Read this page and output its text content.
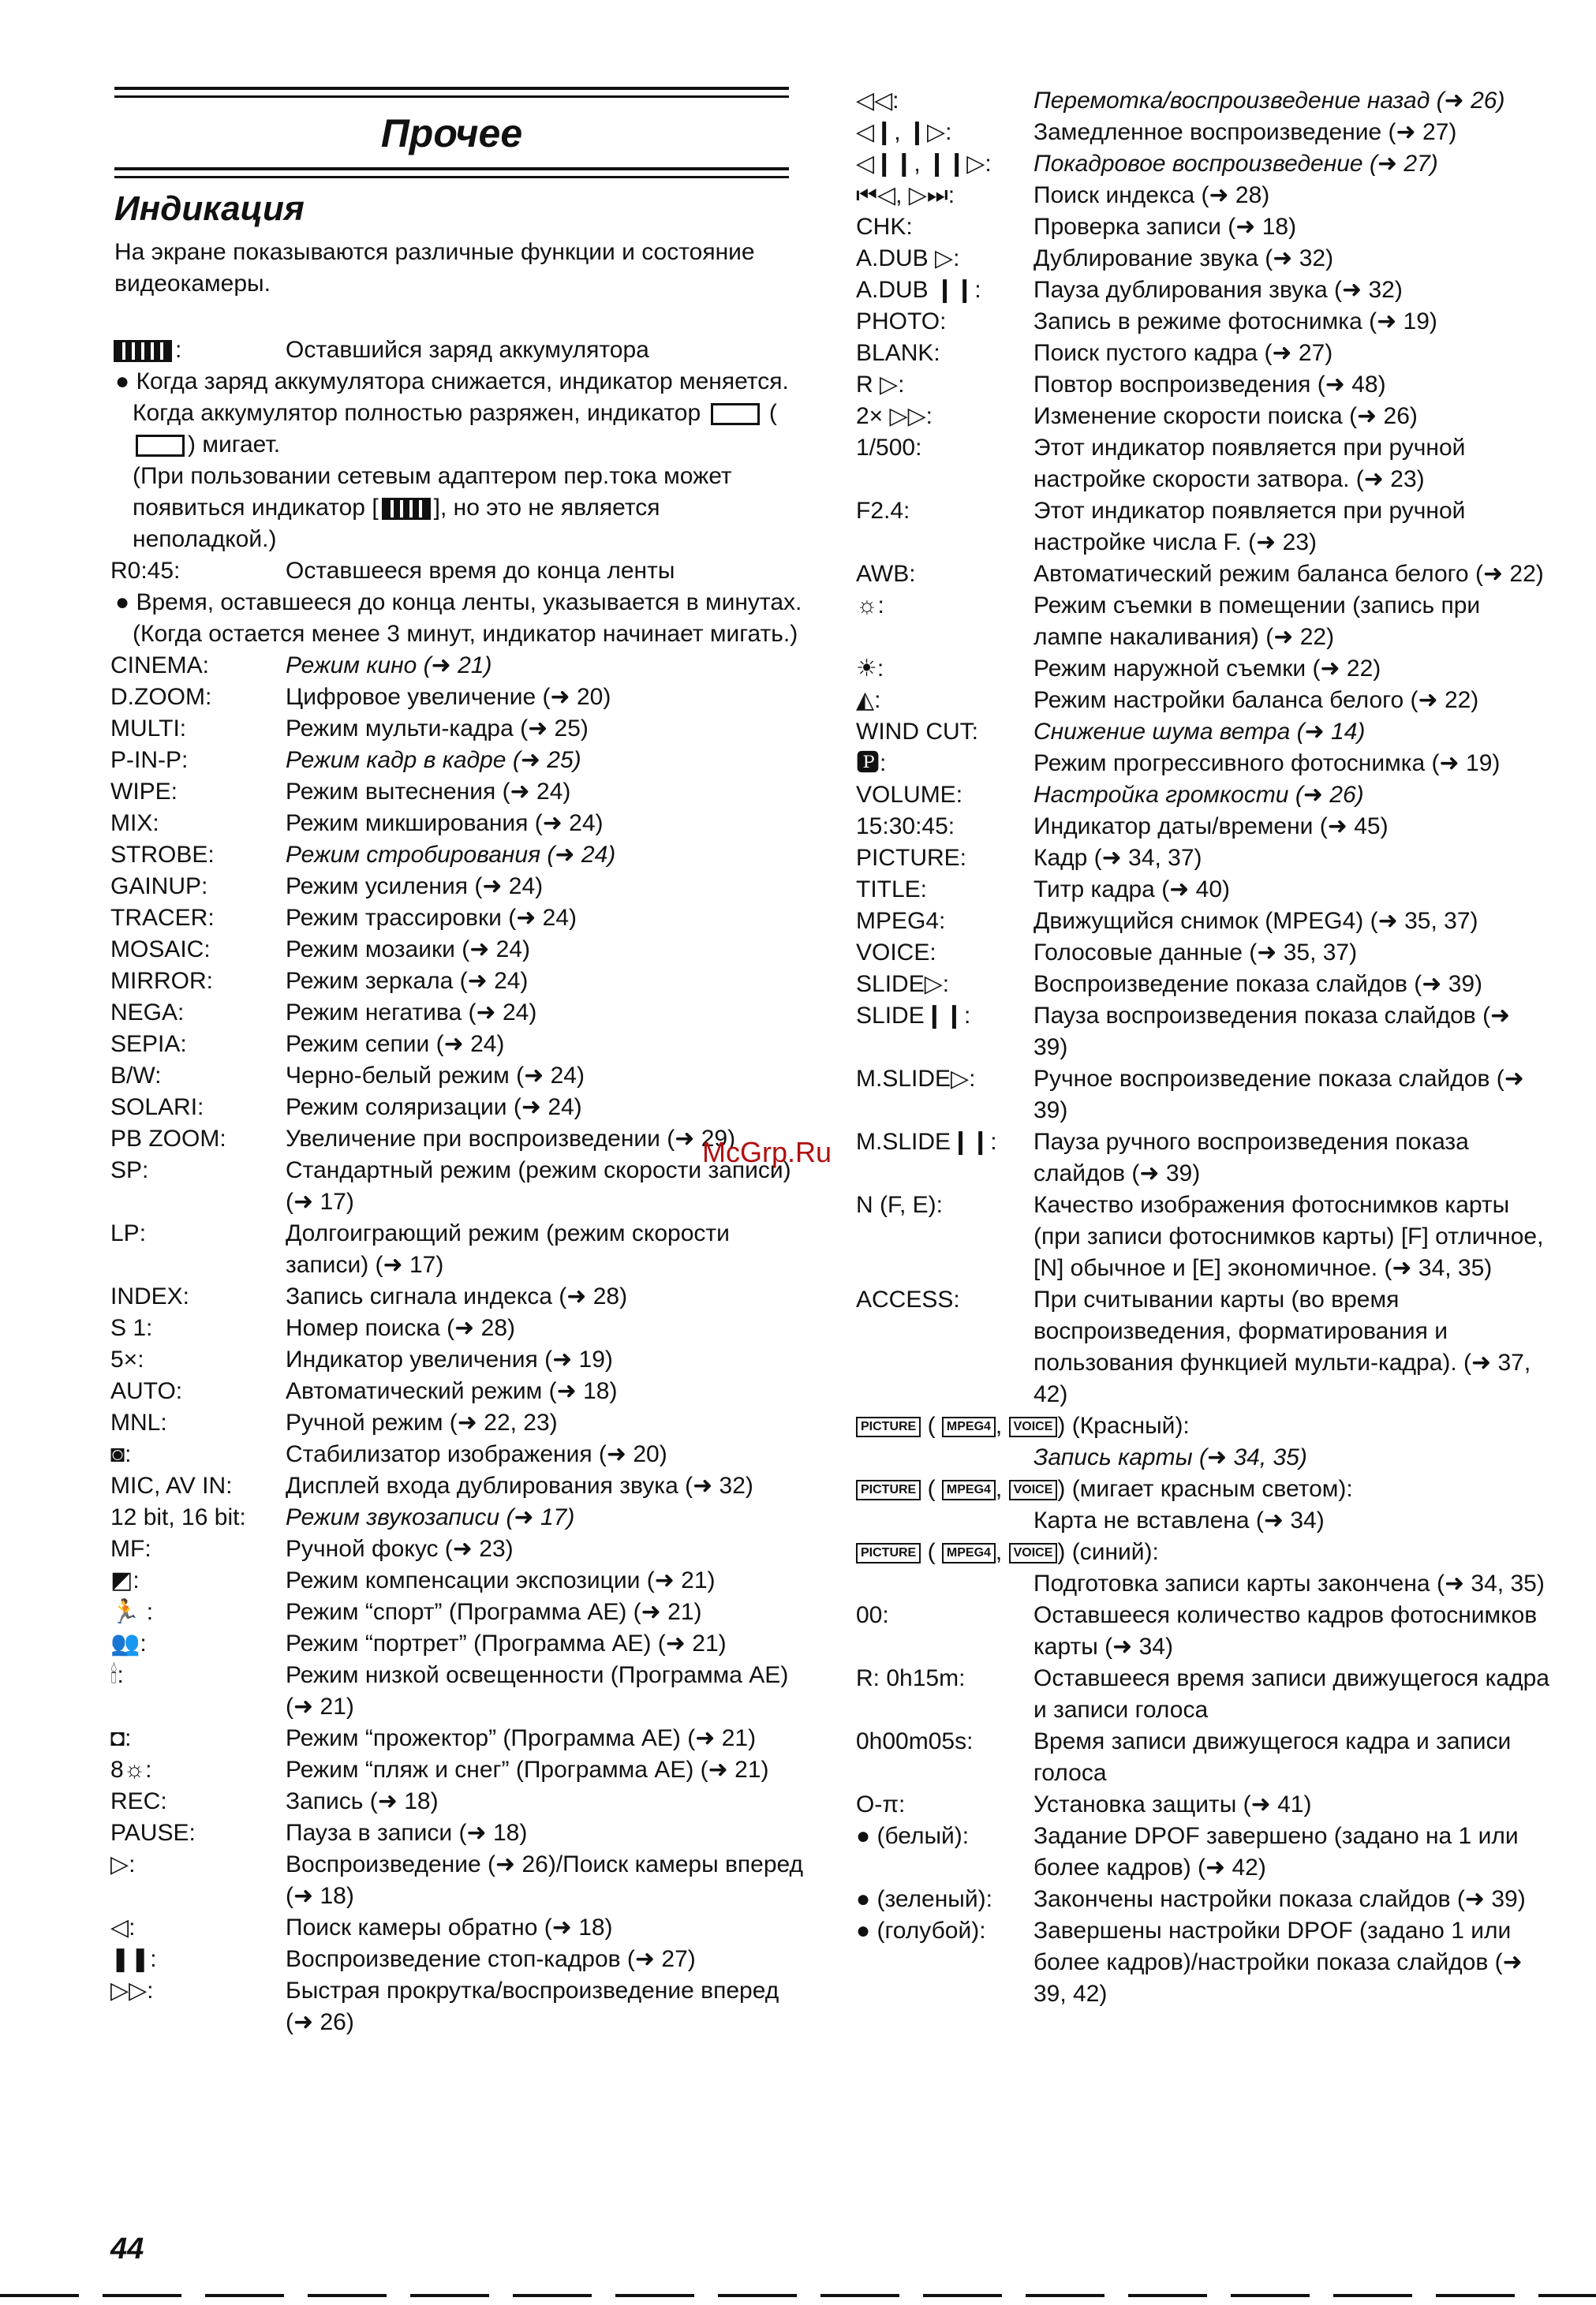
Прочее
Индикация
На экране показываются различные функции и состояние видеокамеры.
:	Оставшийся заряд аккумулятора
● Когда заряд аккумулятора снижается, индикатор меняется. Когда аккумулятор полностью разряжен, индикатор	() мигает.
(При пользовании сетевым адаптером пер.тока может появиться индикатор [ ], но это не является неполадкой.)
R0:45:	Оставшееся время до конца ленты
● Время, оставшееся до конца ленты, указывается в минутах. (Когда остается менее 3 минут, индикатор начинает мигать.)
CINEMA:	Режим кино (➜ 21)
D.ZOOM:	Цифровое увеличение (➜ 20)
MULTI:	Режим мульти-кадра (➜ 25)
P-IN-P:	Режим кадр в кадре (➜ 25)
WIPE:	Режим вытеснения (➜ 24)
MIX:	Режим микширования (➜ 24)
STROBE:	Режим стробирования (➜ 24)
GAINUP:	Режим усиления (➜ 24)
TRACER:	Режим трассировки (➜ 24)
MOSAIC:	Режим мозаики (➜ 24)
MIRROR:	Режим зеркала (➜ 24)
NEGA:	Режим негатива (➜ 24)
SEPIA:	Режим сепии (➜ 24)
B/W:	Черно-белый режим (➜ 24)
SOLARI:	Режим соляризации (➜ 24)
PB ZOOM:	Увеличение при воспроизведении (➜ 29)
SP:	Стандартный режим (режим скорости записи) (➜ 17)
LP:	Долгоиграющий режим (режим скорости записи) (➜ 17)
INDEX:	Запись сигнала индекса (➜ 28)
S 1:	Номер поиска (➜ 28)
5×:	Индикатор увеличения (➜ 19)
AUTO:	Автоматический режим (➜ 18)
MNL:	Ручной режим (➜ 22, 23)
◙:	Стабилизатор изображения (➜ 20)
MIC, AV IN:	Дисплей входа дублирования звука (➜ 32)
12 bit, 16 bit:	Режим звукозаписи (➜ 17)
MF:	Ручной фокус (➜ 23)
◩:	Режим компенсации экспозиции (➜ 21)
🏃 :	Режим “спорт” (Программа AE) (➜ 21)
👥:	Режим “портрет” (Программа AE) (➜ 21)
🕯:	Режим низкой освещенности (Программа AE) (➜ 21)
◘:	Режим “прожектор” (Программа AE) (➜ 21)
8☼:	Режим “пляж и снег” (Программа AE) (➜ 21)
REC:	Запись (➜ 18)
PAUSE:	Пауза в записи (➜ 18)
▷:	Воспроизведение (➜ 26)/Поиск камеры вперед (➜ 18)
◁:	Поиск камеры обратно (➜ 18)
❚❚:	Воспроизведение стоп-кадров (➜ 27)
▷▷:	Быстрая прокрутка/воспроизведение вперед (➜ 26)
◁◁:	Перемотка/воспроизведение назад (➜ 26)
◁❙, ❙▷:	Замедленное воспроизведение (➜ 27)
◁❙❙, ❙❙▷:	Покадровое воспроизведение (➜ 27)
⏮◁, ▷⏭:	Поиск индекса (➜ 28)
CHK:	Проверка записи (➜ 18)
A.DUB ▷:	Дублирование звука (➜ 32)
A.DUB ❙❙:	Пауза дублирования звука (➜ 32)
PHOTO:	Запись в режиме фотоснимка (➜ 19)
BLANK:	Поиск пустого кадра (➜ 27)
R ▷:	Повтор воспроизведения (➜ 48)
2× ▷▷:	Изменение скорости поиска (➜ 26)
1/500:	Этот индикатор появляется при ручной настройке скорости затвора. (➜ 23)
F2.4:	Этот индикатор появляется при ручной настройке числа F. (➜ 23)
AWB:	Автоматический режим баланса белого (➜ 22)
☼:	Режим съемки в помещении (запись при лампе накаливания) (➜ 22)
☀:	Режим наружной съемки (➜ 22)
◭:	Режим настройки баланса белого (➜ 22)
WIND CUT:	Снижение шума ветра (➜ 14)
🅿:	Режим прогрессивного фотоснимка (➜ 19)
VOLUME:	Настройка громкости (➜ 26)
15:30:45:	Индикатор даты/времени (➜ 45)
PICTURE:	Кадр (➜ 34, 37)
TITLE:	Титр кадра (➜ 40)
MPEG4:	Движущийся снимок (MPEG4) (➜ 35, 37)
VOICE:	Голосовые данные (➜ 35, 37)
SLIDE▷:	Воспроизведение показа слайдов (➜ 39)
SLIDE❙❙:	Пауза воспроизведения показа слайдов (➜ 39)
M.SLIDE▷:	Ручное воспроизведение показа слайдов (➜ 39)
M.SLIDE❙❙:	Пауза ручного воспроизведения показа слайдов (➜ 39)
N (F, E):	Качество изображения фотоснимков карты (при записи фотоснимков карты) [F] отличное, [N] обычное и [E] экономичное. (➜ 34, 35)
ACCESS:	При считывании карты (во время воспроизведения, форматирования и пользования функцией мульти-кадра). (➜ 37, 42)
PICTURE ( MPEG4 , VOICE ) (Красный):
Запись карты (➜ 34, 35)
PICTURE ( MPEG4 , VOICE ) (мигает красным светом):
Карта не вставлена (➜ 34)
PICTURE ( MPEG4 , VOICE ) (синий):
Подготовка записи карты закончена (➜ 34, 35)
00:	Оставшееся количество кадров фотоснимков карты (➜ 34)
R: 0h15m:	Оставшееся время записи движущегося кадра и записи голоса
0h00m05s:	Время записи движущегося кадра и записи голоса
O‑π:	Установка защиты (➜ 41)
● (белый):	Задание DPOF завершено (задано на 1 или более кадров) (➜ 42)
● (зеленый):	Закончены настройки показа слайдов (➜ 39)
● (голубой):	Завершены настройки DPOF (задано 1 или более кадров)/настройки показа слайдов (➜ 39, 42)
McGrp.Ru
44
